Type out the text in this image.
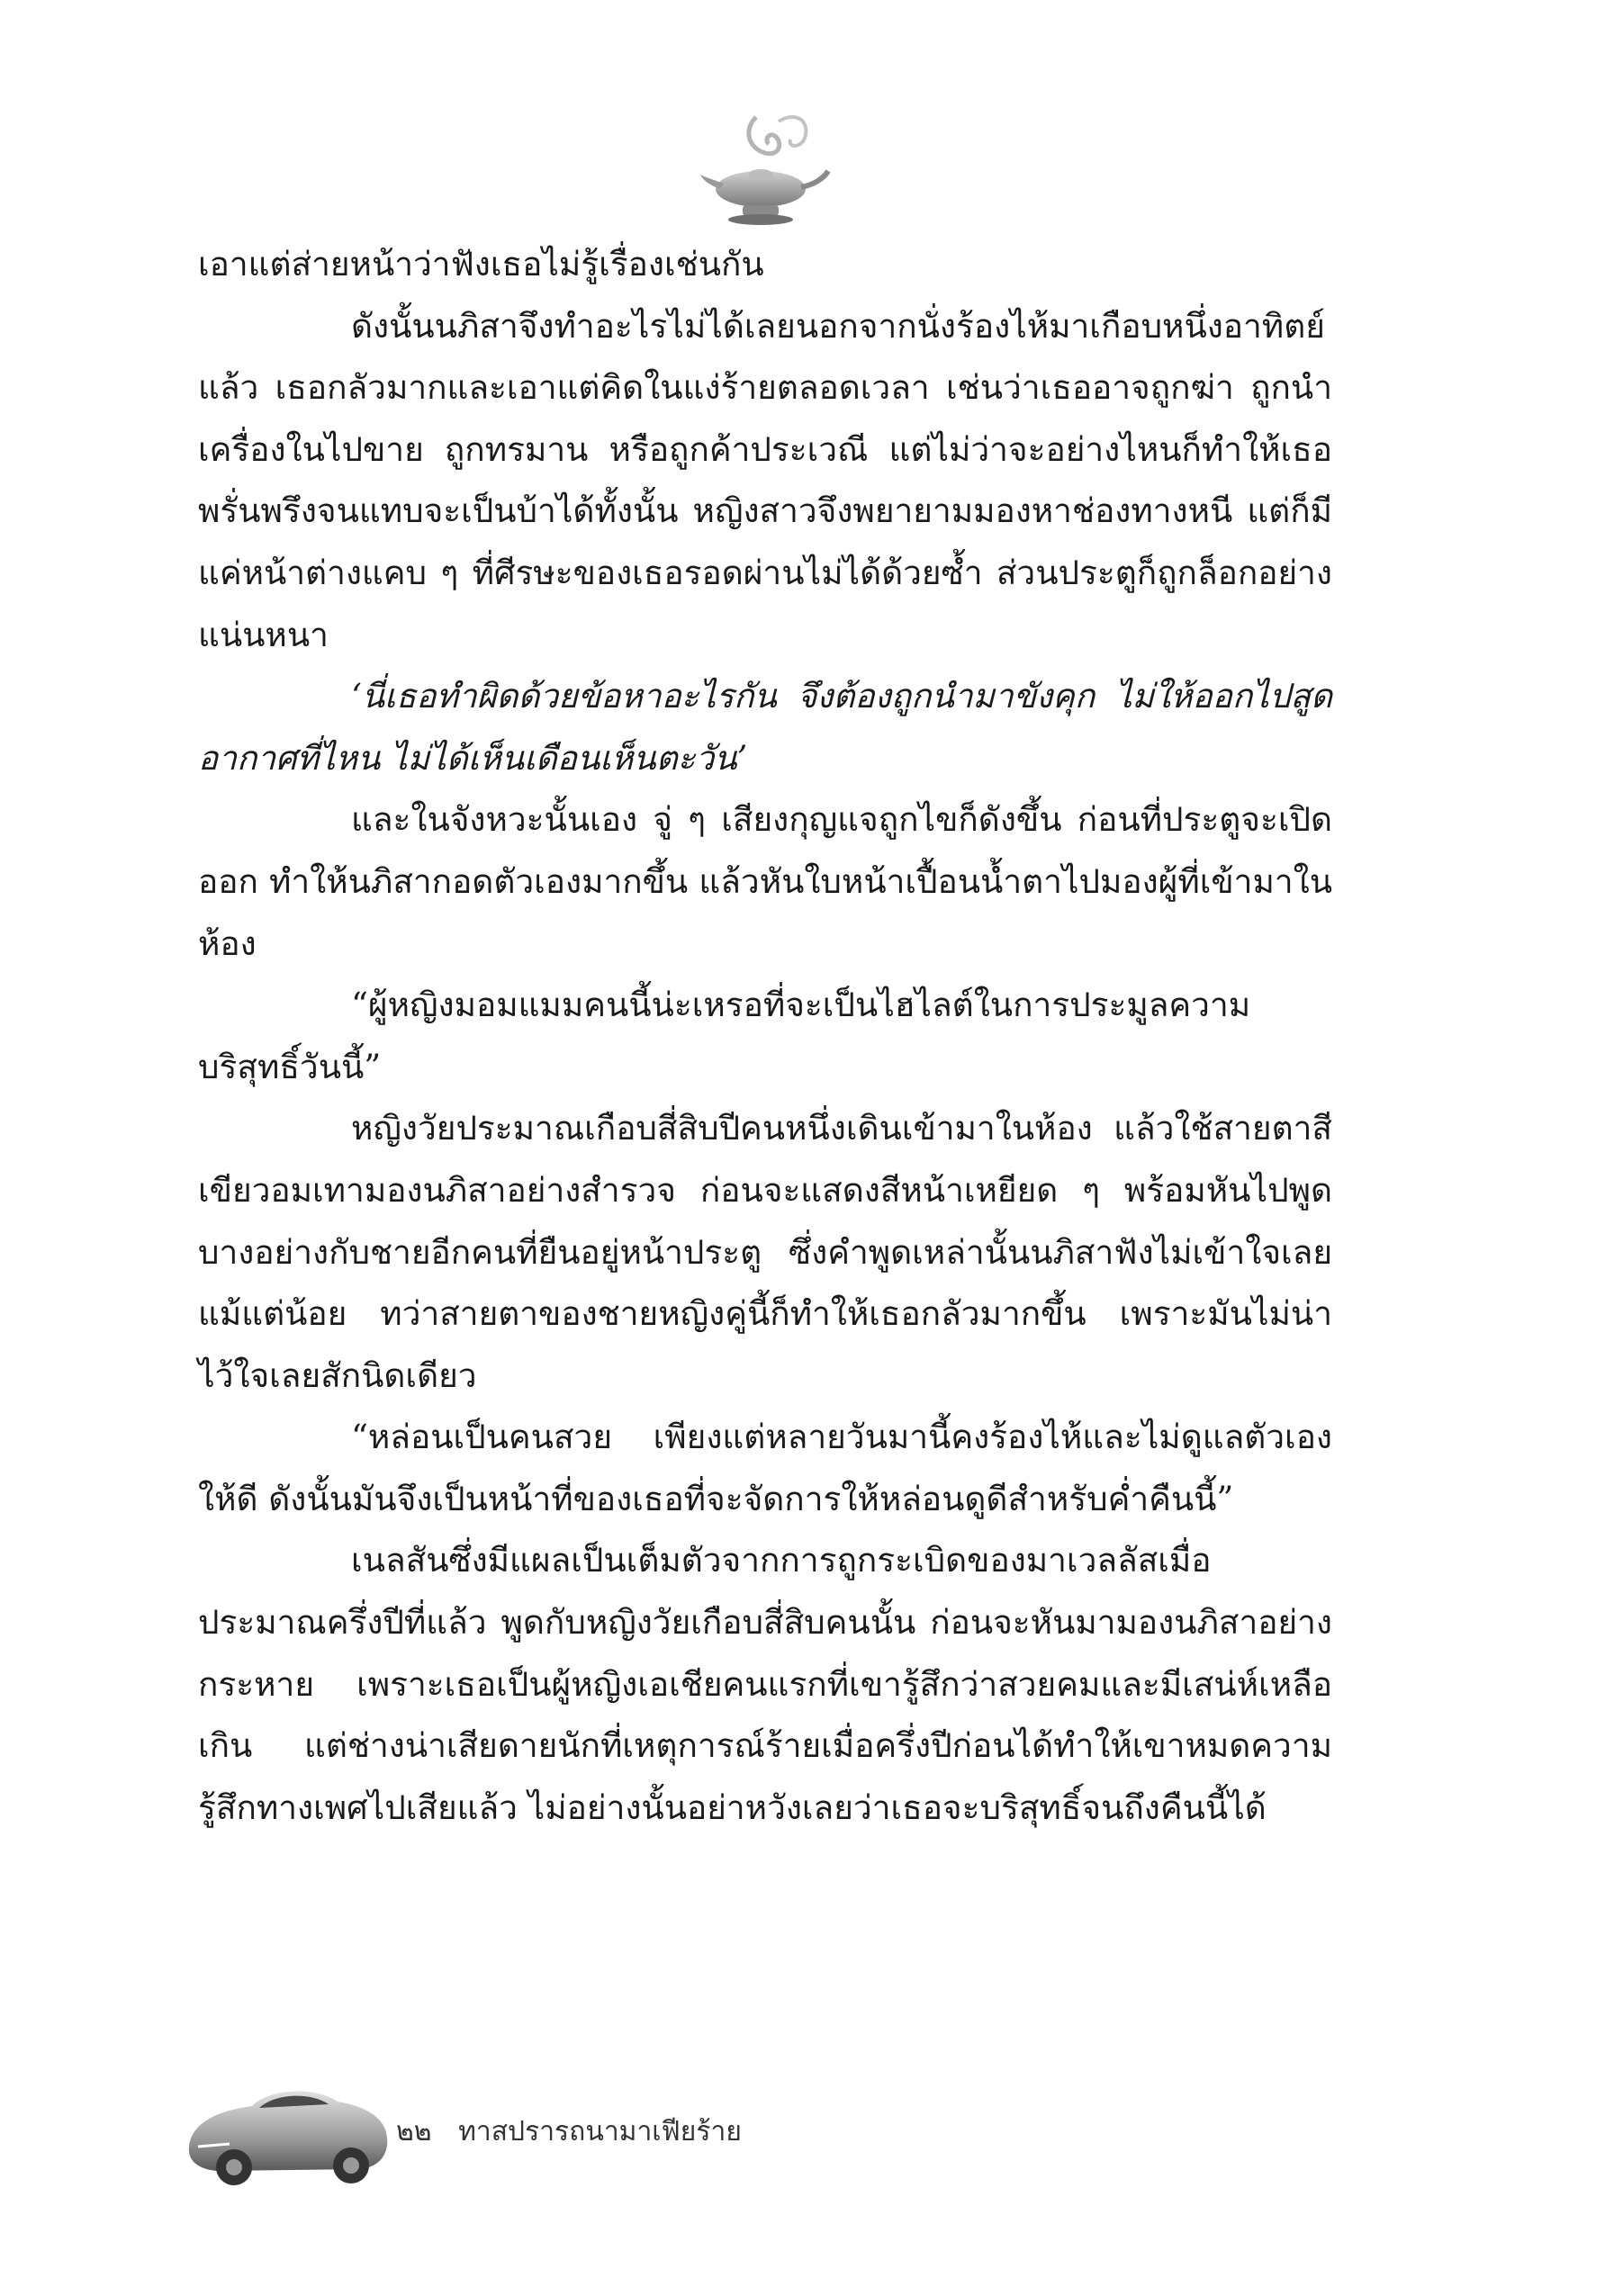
เอาแต่ส่ายหน้าว่าฟังเธอไม่รู้เรื่องเช่นกัน

ดังนั้นนภิสาจึงทำอะไรไม่ได้เลยนอกจากนั่งร้องไห้มาเกือบหนึ่งอาทิตย์แล้ว เธอกลัวมากและเอาแต่คิดในแง่ร้ายตลอดเวลา เช่นว่าเธออาจถูกฆ่า ถูกนำเครื่องในไปขาย ถูกทรมาน หรือถูกค้าประเวณี แต่ไม่ว่าจะอย่างไหนก็ทำให้เธอพรั่นพรึงจนแทบจะเป็นบ้าได้ทั้งนั้น หญิงสาวจึงพยายามมองหาช่องทางหนี แต่ก็มีแค่หน้าต่างแคบ ๆ ที่ศีรษะของเธอรอดผ่านไม่ได้ด้วยซ้ำ ส่วนประตูก็ถูกล็อกอย่างแน่นหนา

‘นี่เธอทำผิดด้วยข้อหาอะไรกัน จึงต้องถูกนำมาขังคุก ไม่ให้ออกไปสูดอากาศที่ไหน ไม่ได้เห็นเดือนเห็นตะวัน’

และในจังหวะนั้นเอง จู่ ๆ เสียงกุญแจถูกไขก็ดังขึ้น ก่อนที่ประตูจะเปิดออก ทำให้นภิสากอดตัวเองมากขึ้น แล้วหันใบหน้าเปื้อนน้ำตาไปมองผู้ที่เข้ามาในห้อง

“ผู้หญิงมอมแมมคนนี้น่ะเหรอที่จะเป็นไฮไลต์ในการประมูลความบริสุทธิ์วันนี้”

หญิงวัยประมาณเกือบสี่สิบปีคนหนึ่งเดินเข้ามาในห้อง แล้วใช้สายตาสีเขียวอมเทามองนภิสาอย่างสำรวจ ก่อนจะแสดงสีหน้าเหยียด ๆ พร้อมหันไปพูดบางอย่างกับชายอีกคนที่ยืนอยู่หน้าประตู ซึ่งคำพูดเหล่านั้นนภิสาฟังไม่เข้าใจเลยแม้แต่น้อย ทว่าสายตาของชายหญิงคู่นี้ก็ทำให้เธอกลัวมากขึ้น เพราะมันไม่น่าไว้ใจเลยสักนิดเดียว

“หล่อนเป็นคนสวย เพียงแต่หลายวันมานี้คงร้องไห้และไม่ดูแลตัวเองให้ดี ดังนั้นมันจึงเป็นหน้าที่ของเธอที่จะจัดการให้หล่อนดูดีสำหรับค่ำคืนนี้”

เนลสันซึ่งมีแผลเป็นเต็มตัวจากการถูกระเบิดของมาเวลลัสเมื่อประมาณครึ่งปีที่แล้ว พูดกับหญิงวัยเกือบสี่สิบคนนั้น ก่อนจะหันมามองนภิสาอย่างกระหาย เพราะเธอเป็นผู้หญิงเอเชียคนแรกที่เขารู้สึกว่าสวยคมและมีเสน่ห์เหลือเกิน แต่ช่างน่าเสียดายนักที่เหตุการณ์ร้ายเมื่อครึ่งปีก่อนได้ทำให้เขาหมดความรู้สึกทางเพศไปเสียแล้ว ไม่อย่างนั้นอย่าหวังเลยว่าเธอจะบริสุทธิ์จนถึงคืนนี้ได้

๒๒ ทาสปรารถนามาเฟียร้าย
